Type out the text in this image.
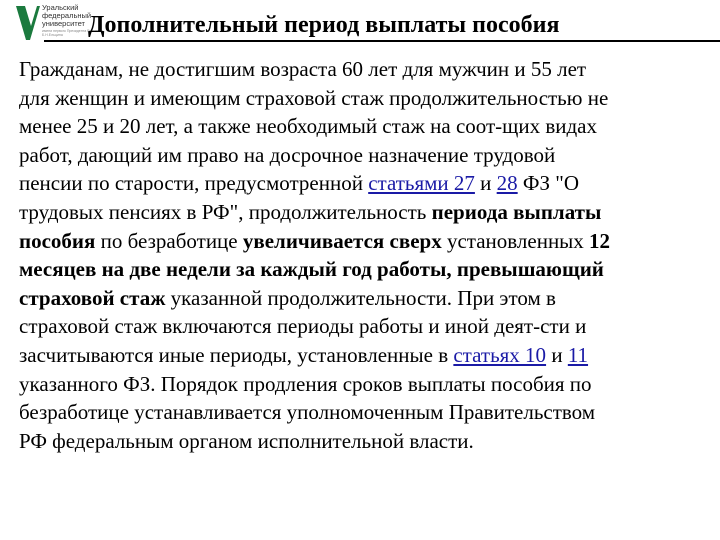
Уральский
федеральный
университет
имени первого Президента России Б.Н.Ельцина	Дополнительный период выплаты пособия
Гражданам, не достигшим возраста 60 лет для мужчин и 55 лет
для женщин и имеющим страховой стаж продолжительностью не
менее 25 и 20 лет, а также необходимый стаж на соот-щих видах
работ, дающий им право на досрочное назначение трудовой
пенсии по старости, предусмотренной статьями 27 и 28 ФЗ "О
трудовых пенсиях в РФ", продолжительность периода выплаты
пособия по безработице увеличивается сверх установленных 12
месяцев на две недели за каждый год работы, превышающий
страховой стаж указанной продолжительности. При этом в
страховой стаж включаются периоды работы и иной деят-сти и
засчитываются иные периоды, установленные в статьях 10 и 11
указанного ФЗ. Порядок продления сроков выплаты пособия по
безработице устанавливается уполномоченным Правительством
РФ федеральным органом исполнительной власти.
